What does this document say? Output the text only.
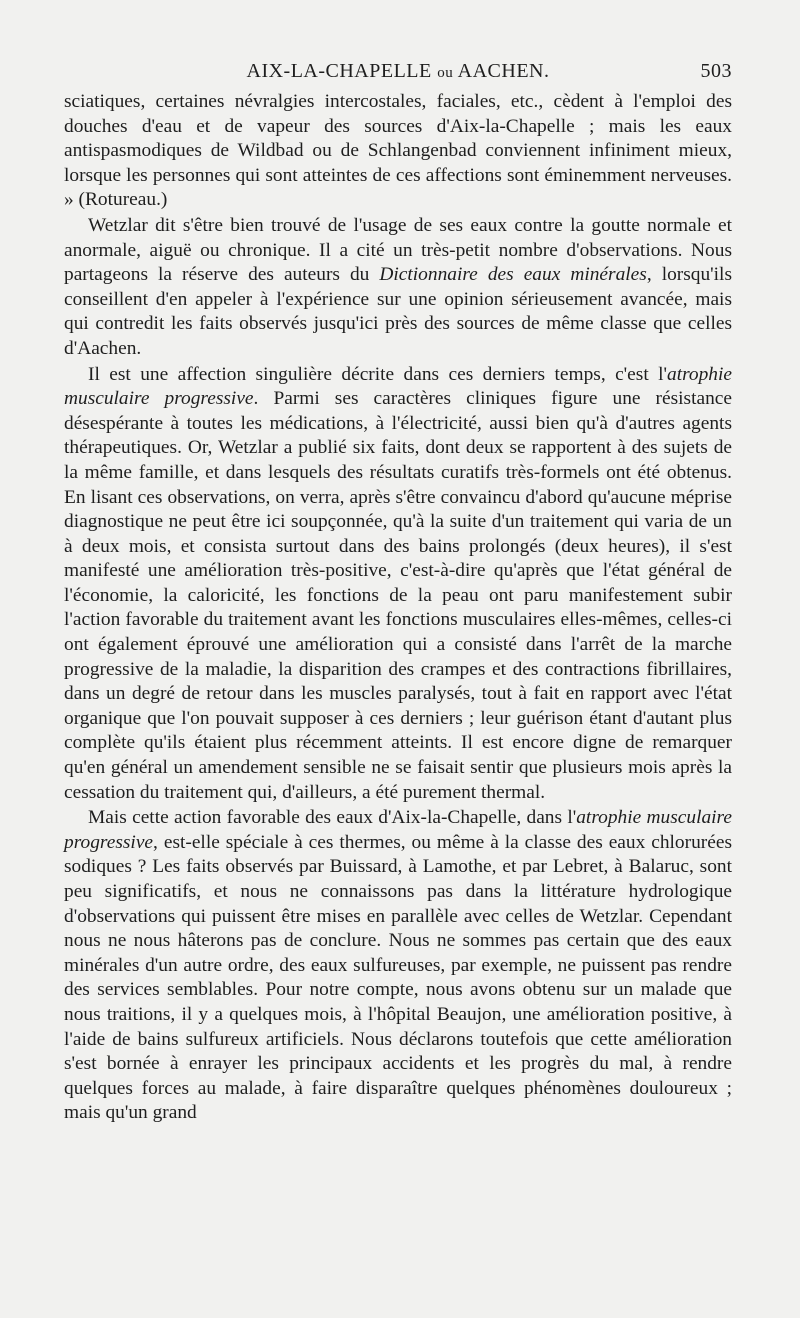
AIX-LA-CHAPELLE ou AACHEN.	503

sciatiques, certaines névralgies intercostales, faciales, etc., cèdent à l'emploi des douches d'eau et de vapeur des sources d'Aix-la-Chapelle ; mais les eaux antispasmodiques de Wildbad ou de Schlangenbad conviennent infiniment mieux, lorsque les personnes qui sont atteintes de ces affections sont éminemment nerveuses. » (Rotureau.)

Wetzlar dit s'être bien trouvé de l'usage de ses eaux contre la goutte normale et anormale, aiguë ou chronique. Il a cité un très-petit nombre d'observations. Nous partageons la réserve des auteurs du Dictionnaire des eaux minérales, lorsqu'ils conseillent d'en appeler à l'expérience sur une opinion sérieusement avancée, mais qui contredit les faits observés jusqu'ici près des sources de même classe que celles d'Aachen.

Il est une affection singulière décrite dans ces derniers temps, c'est l'atrophie musculaire progressive. Parmi ses caractères cliniques figure une résistance désespérante à toutes les médications, à l'électricité, aussi bien qu'à d'autres agents thérapeutiques. Or, Wetzlar a publié six faits, dont deux se rapportent à des sujets de la même famille, et dans lesquels des résultats curatifs très-formels ont été obtenus. En lisant ces observations, on verra, après s'être convaincu d'abord qu'aucune méprise diagnostique ne peut être ici soupçonnée, qu'à la suite d'un traitement qui varia de un à deux mois, et consista surtout dans des bains prolongés (deux heures), il s'est manifesté une amélioration très-positive, c'est-à-dire qu'après que l'état général de l'économie, la caloricité, les fonctions de la peau ont paru manifestement subir l'action favorable du traitement avant les fonctions musculaires elles-mêmes, celles-ci ont également éprouvé une amélioration qui a consisté dans l'arrêt de la marche progressive de la maladie, la disparition des crampes et des contractions fibrillaires, dans un degré de retour dans les muscles paralysés, tout à fait en rapport avec l'état organique que l'on pouvait supposer à ces derniers ; leur guérison étant d'autant plus complète qu'ils étaient plus récemment atteints. Il est encore digne de remarquer qu'en général un amendement sensible ne se faisait sentir que plusieurs mois après la cessation du traitement qui, d'ailleurs, a été purement thermal.

Mais cette action favorable des eaux d'Aix-la-Chapelle, dans l'atrophie musculaire progressive, est-elle spéciale à ces thermes, ou même à la classe des eaux chlorurées sodiques ? Les faits observés par Buissard, à Lamothe, et par Lebret, à Balaruc, sont peu significatifs, et nous ne connaissons pas dans la littérature hydrologique d'observations qui puissent être mises en parallèle avec celles de Wetzlar. Cependant nous ne nous hâterons pas de conclure. Nous ne sommes pas certain que des eaux minérales d'un autre ordre, des eaux sulfureuses, par exemple, ne puissent pas rendre des services semblables. Pour notre compte, nous avons obtenu sur un malade que nous traitions, il y a quelques mois, à l'hôpital Beaujon, une amélioration positive, à l'aide de bains sulfureux artificiels. Nous déclarons toutefois que cette amélioration s'est bornée à enrayer les principaux accidents et les progrès du mal, à rendre quelques forces au malade, à faire disparaître quelques phénomènes douloureux ; mais qu'un grand
